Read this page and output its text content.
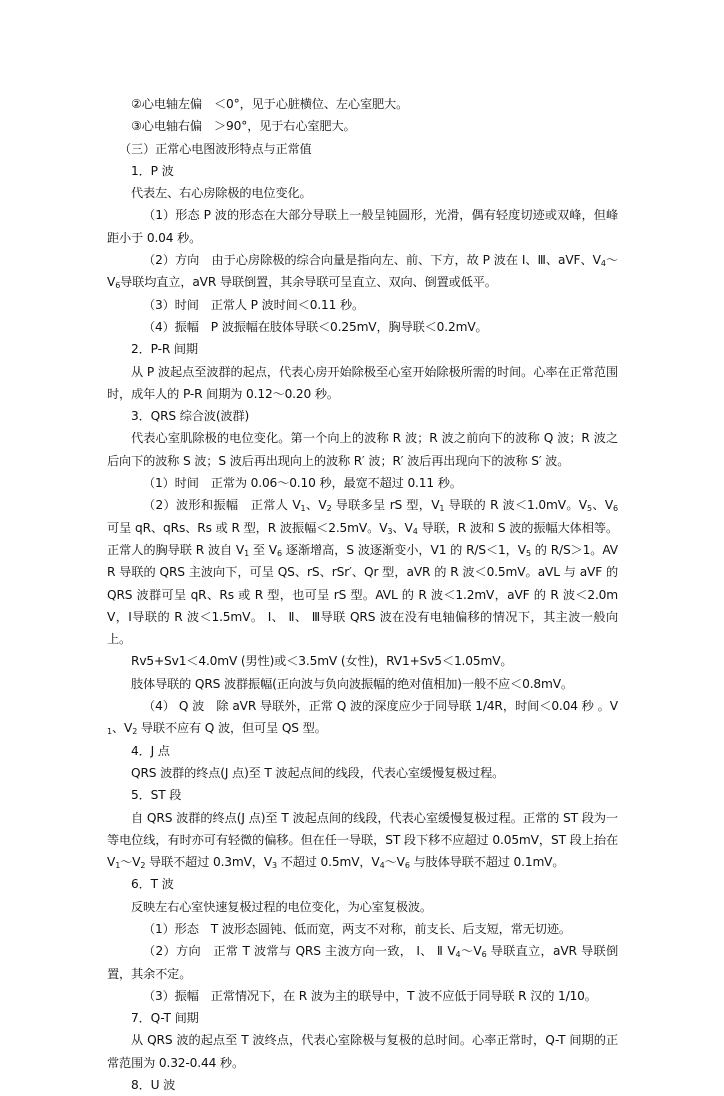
②心电轴左偏　＜0°，见于心脏横位、左心室肥大。

③心电轴右偏　＞90°，见于右心室肥大。

（三）正常心电图波形特点与正常值

1．P 波

代表左、右心房除极的电位变化。

（1）形态 P 波的形态在大部分导联上一般呈钝圆形，光滑，偶有轻度切迹或双峰，但峰距小于 0.04 秒。

（2）方向　由于心房除极的综合向量是指向左、前、下方，故 P 波在 Ⅰ、Ⅲ、aVF、$V_4\sim V_6$导联均直立，aVR 导联倒置，其余导联可呈直立、双向、倒置或低平。

（3）时间　正常人 P 波时间＜0.11 秒。

（4）振幅　P 波振幅在肢体导联＜0.25mV，胸导联＜0.2mV。

2．P-R 间期

从 P 波起点至波群的起点，代表心房开始除极至心室开始除极所需的时间。心率在正常范围时，成年人的 P-R 间期为 0.12～0.20 秒。

3．QRS 综合波(波群)

代表心室肌除极的电位变化。第一个向上的波称 R 波；R 波之前向下的波称 Q 波；R 波之后向下的波称 S 波；S 波后再出现向上的波称 R′ 波；R′ 波后再出现向下的波称 S′ 波。

（1）时间　正常为 0.06～0.10 秒，最宽不超过 0.11 秒。

（2）波形和振幅　正常人 $V_1$、$V_2$ 导联多呈 rS 型，$V_1$ 导联的 R 波＜1.0mV。$V_5$、$V_6$ 可呈 qR、qRs、Rs 或 R 型，R 波振幅＜2.5mV。$V_3$、$V_4$ 导联，R 波和 S 波的振幅大体相等。正常人的胸导联 R 波自 $V_1$ 至 $V_6$ 逐渐增高，S 波逐渐变小，V1 的 R/S＜1，$V_5$ 的 R/S＞1。AVR 导联的 QRS 主波向下，可呈 QS、rS、rSr′、Qr 型，aVR 的 R 波＜0.5mV。aVL 与 aVF 的 QRS 波群可呈 qR、Rs 或 R 型，也可呈 rS 型。AVL 的 R 波＜1.2mV，aVF 的 R 波＜2.0mV，Ⅰ导联的 R 波＜1.5mV。 Ⅰ、 Ⅱ、 Ⅲ导联 QRS 波在没有电轴偏移的情况下，其主波一般向上。

Rv5+Sv1＜4.0mV (男性)或＜3.5mV (女性)，RV1+Sv5＜1.05mV。

肢体导联的 QRS 波群振幅(正向波与负向波振幅的绝对值相加)一般不应＜0.8mV。

（4） Q 波　除 aVR 导联外，正常 Q 波的深度应少于同导联 1/4R，时间＜0.04 秒 。$V_1$、$V_2$ 导联不应有 Q 波，但可呈 QS 型。

4．J 点

QRS 波群的终点(J 点)至 T 波起点间的线段，代表心室缓慢复极过程。

5．ST 段

自 QRS 波群的终点(J 点)至 T 波起点间的线段，代表心室缓慢复极过程。正常的 ST 段为一等电位线，有时亦可有轻微的偏移。但在任一导联，ST 段下移不应超过 0.05mV，ST 段上抬在 $V_1\sim V_2$ 导联不超过 0.3mV，$V_3$ 不超过 0.5mV，$V_4\sim V_6$ 与肢体导联不超过 0.1mV。

6．T 波

反映左右心室快速复极过程的电位变化，为心室复极波。

（1）形态　T 波形态圆钝、低而宽，两支不对称，前支长、后支短，常无切迹。

（2）方向　正常 T 波常与 QRS 主波方向一致， Ⅰ、 Ⅱ $V_4\sim V_6$ 导联直立，aVR 导联倒置，其余不定。

（3）振幅　正常情况下，在 R 波为主的联导中，T 波不应低于同导联 R 汉的 1/10。

7．Q-T 间期

从 QRS 波的起点至 T 波终点，代表心室除极与复极的总时间。心率正常时，Q-T 间期的正常范围为 0.32-0.44 秒。

8．U 波
